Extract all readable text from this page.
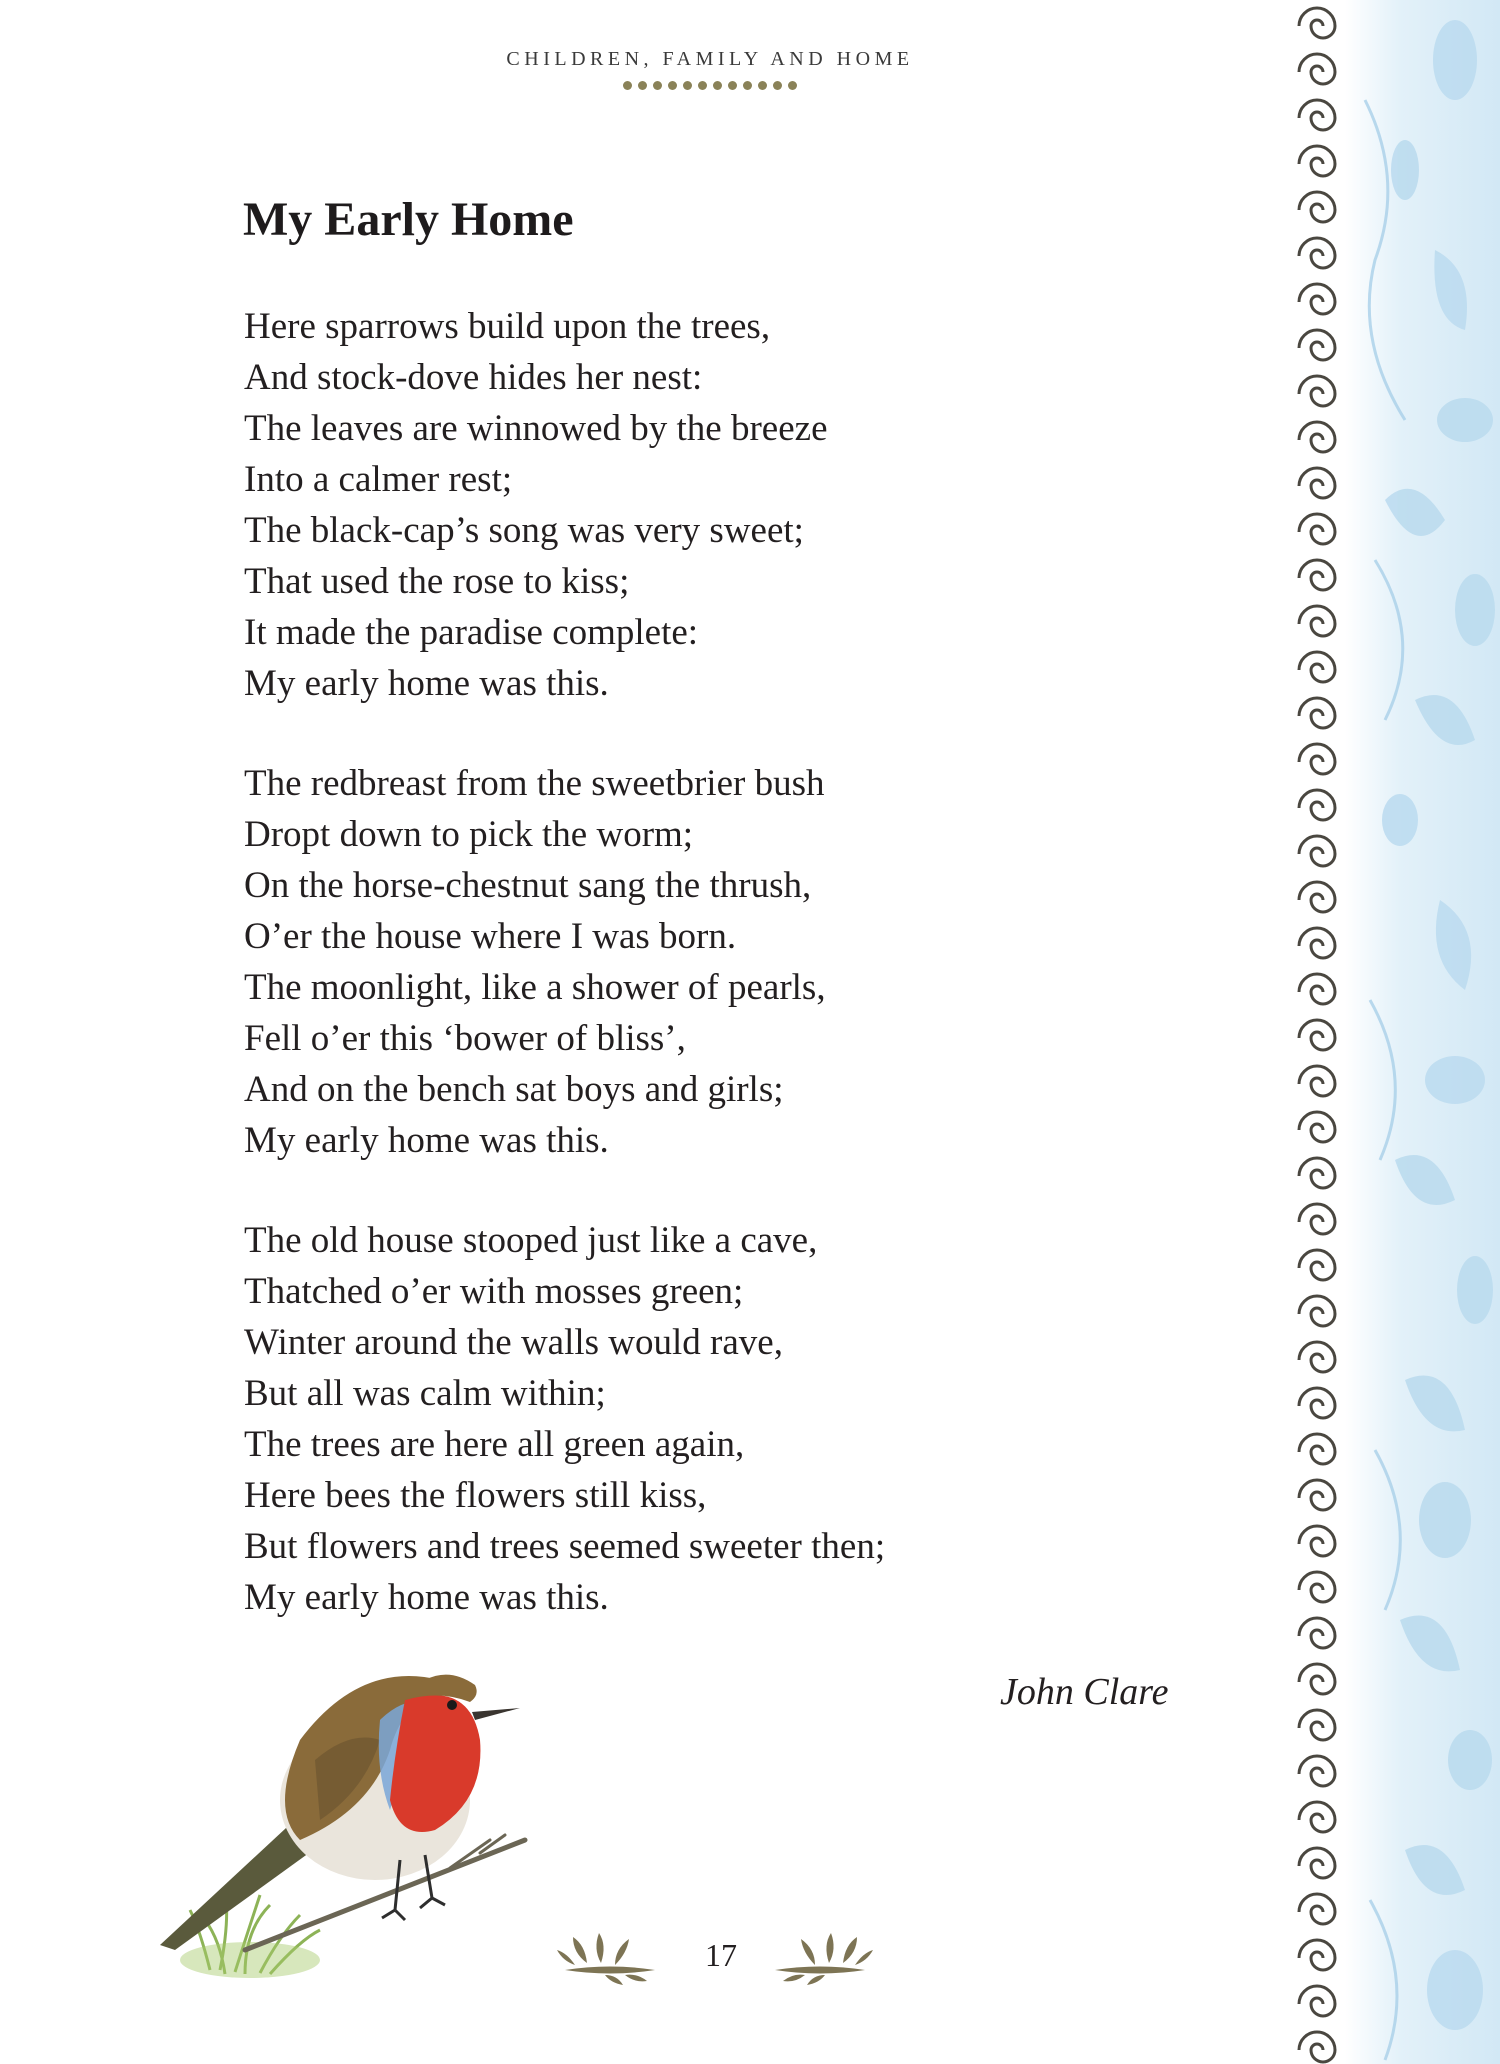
CHILDREN, FAMILY AND HOME
My Early Home
Here sparrows build upon the trees,
And stock-dove hides her nest:
The leaves are winnowed by the breeze
Into a calmer rest;
The black-cap’s song was very sweet;
That used the rose to kiss;
It made the paradise complete:
My early home was this.
The redbreast from the sweetbrier bush
Dropt down to pick the worm;
On the horse-chestnut sang the thrush,
O’er the house where I was born.
The moonlight, like a shower of pearls,
Fell o’er this ‘bower of bliss’,
And on the bench sat boys and girls;
My early home was this.
The old house stooped just like a cave,
Thatched o’er with mosses green;
Winter around the walls would rave,
But all was calm within;
The trees are here all green again,
Here bees the flowers still kiss,
But flowers and trees seemed sweeter then;
My early home was this.
John Clare
17
